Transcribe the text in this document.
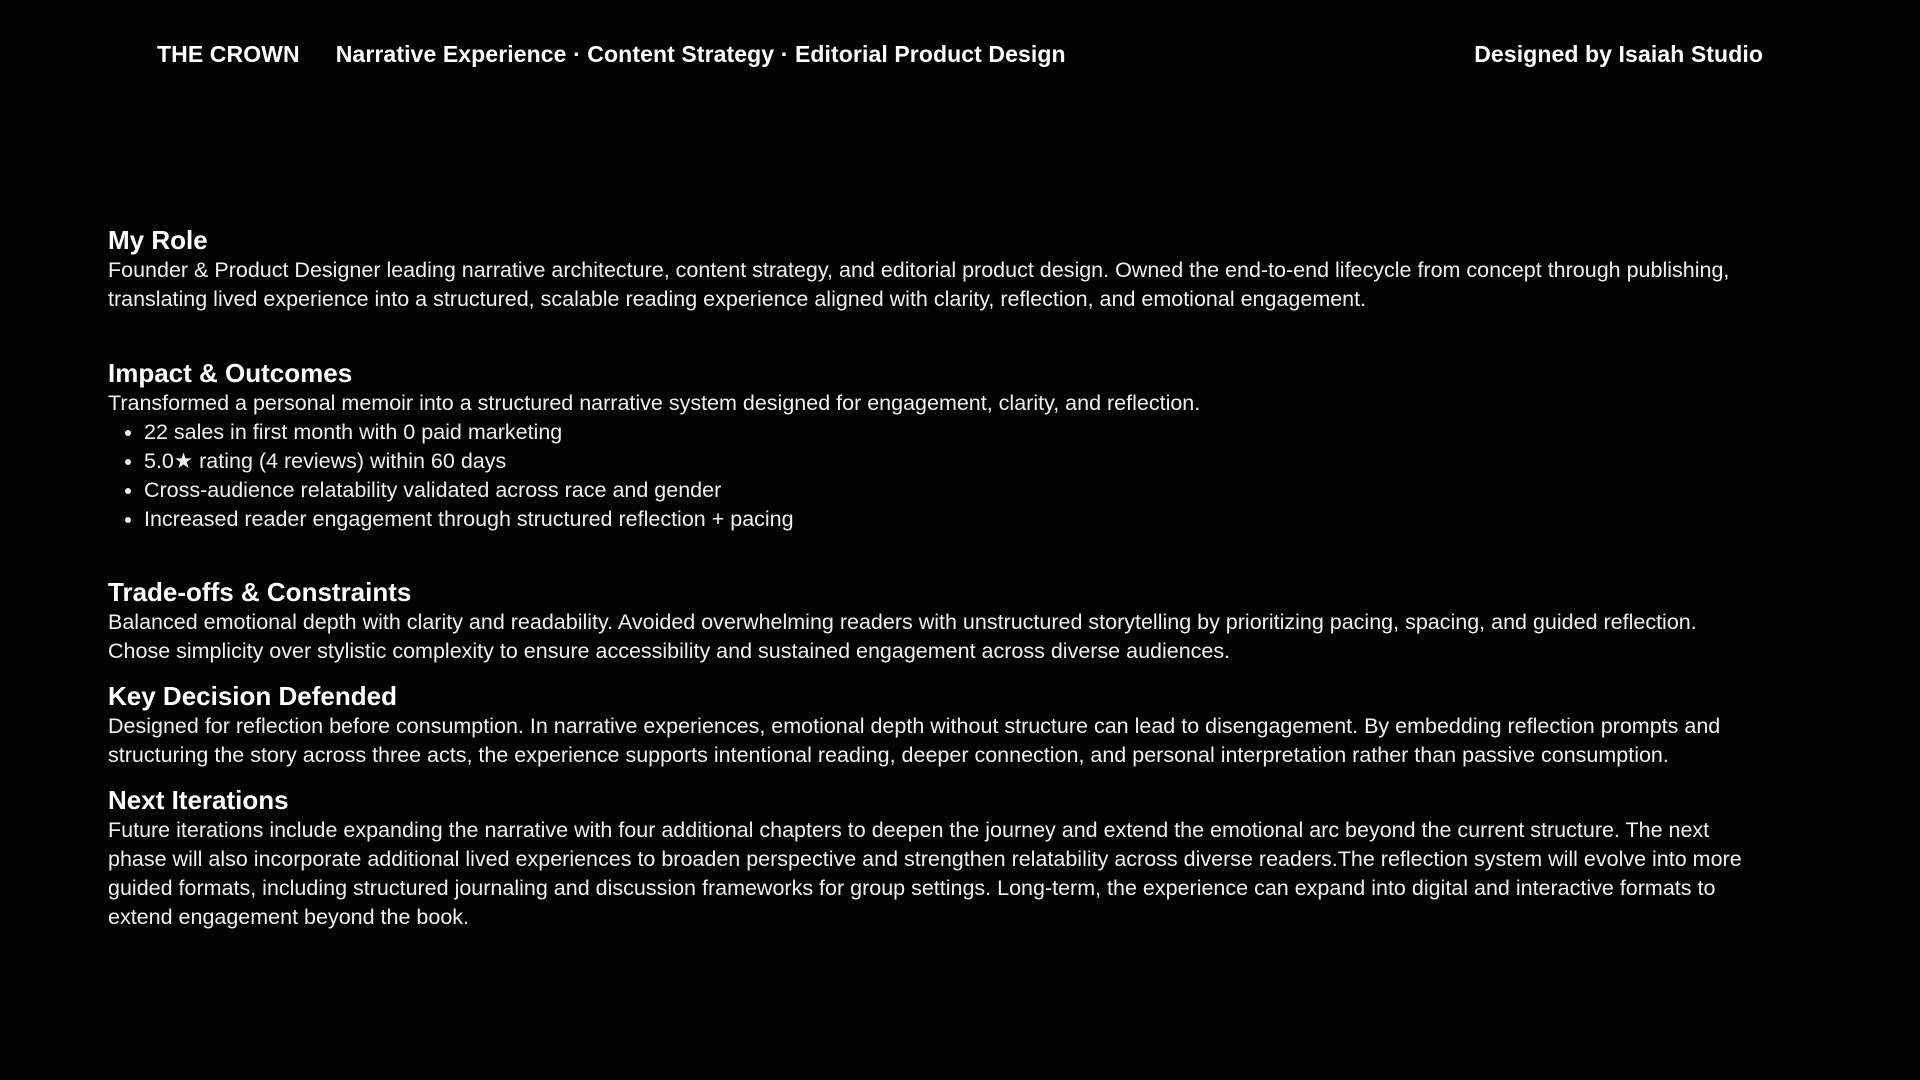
THE CROWN Narrative Experience · Content Strategy · Editorial Product Design	Designed by Isaiah Studio
My Role

Founder & Product Designer leading narrative architecture, content strategy, and editorial product design. Owned the end-to-end lifecycle from concept through publishing, translating lived experience into a structured, scalable reading experience aligned with clarity, reflection, and emotional engagement.

Impact & Outcomes

Transformed a personal memoir into a structured narrative system designed for engagement, clarity, and reflection.

• 22 sales in first month with 0 paid marketing
• 5.0★ rating (4 reviews) within 60 days
• Cross-audience relatability validated across race and gender
• Increased reader engagement through structured reflection + pacing
Trade-offs & Constraints

Balanced emotional depth with clarity and readability. Avoided overwhelming readers with unstructured storytelling by prioritizing pacing, spacing, and guided reflection. Chose simplicity over stylistic complexity to ensure accessibility and sustained engagement across diverse audiences.

Key Decision Defended

Designed for reflection before consumption. In narrative experiences, emotional depth without structure can lead to disengagement. By embedding reflection prompts and structuring the story across three acts, the experience supports intentional reading, deeper connection, and personal interpretation rather than passive consumption.

Next Iterations

Future iterations include expanding the narrative with four additional chapters to deepen the journey and extend the emotional arc beyond the current structure. The next phase will also incorporate additional lived experiences to broaden perspective and strengthen relatability across diverse readers.The reflection system will evolve into more guided formats, including structured journaling and discussion frameworks for group settings. Long-term, the experience can expand into digital and interactive formats to extend engagement beyond the book.
